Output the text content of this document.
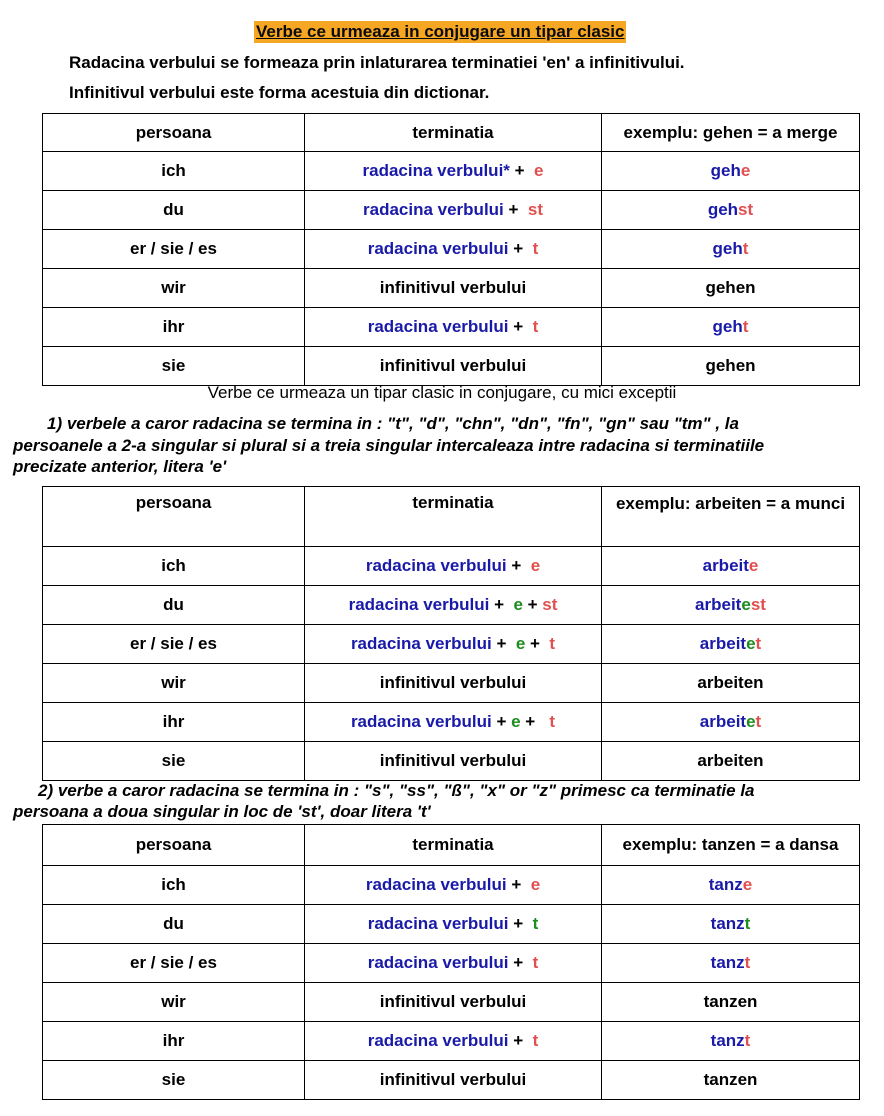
Verbe ce urmeaza in conjugare un tipar clasic
Radacina verbului se formeaza prin inlaturarea terminatiei 'en' a infinitivului.
Infinitivul verbului este forma acestuia din dictionar.
persoana	terminatia	exemplu: gehen = a merge
ich	radacina verbului* +  e	gehe
du	radacina verbului +  st	gehst
er / sie / es	radacina verbului +  t	geht
wir	infinitivul verbului	gehen
ihr	radacina verbului +  t	geht
sie	infinitivul verbului	gehen
Verbe ce urmeaza un tipar clasic in conjugare, cu mici exceptii
1) verbele a caror radacina se termina in : "t", "d", "chn", "dn", "fn", "gn" sau "tm" , la
persoanele a 2-a singular si plural si a treia singular intercaleaza intre radacina si terminatiile
precizate anterior, litera 'e'
persoana	terminatia	exemplu: arbeiten = a munci
ich	radacina verbului +  e	arbeite
du	radacina verbului +  e + st	arbeitest
er / sie / es	radacina verbului +  e +  t	arbeitet
wir	infinitivul verbului	arbeiten
ihr	radacina verbului + e +   t	arbeitet
sie	infinitivul verbului	arbeiten
2) verbe a caror radacina se termina in : "s", "ss", "ß", "x" or "z" primesc ca terminatie la
persoana a doua singular in loc de 'st', doar litera 't'
persoana	terminatia	exemplu: tanzen = a dansa
ich	radacina verbului +  e	tanze
du	radacina verbului +  t	tanzt
er / sie / es	radacina verbului +  t	tanzt
wir	infinitivul verbului	tanzen
ihr	radacina verbului +  t	tanzt
sie	infinitivul verbului	tanzen
